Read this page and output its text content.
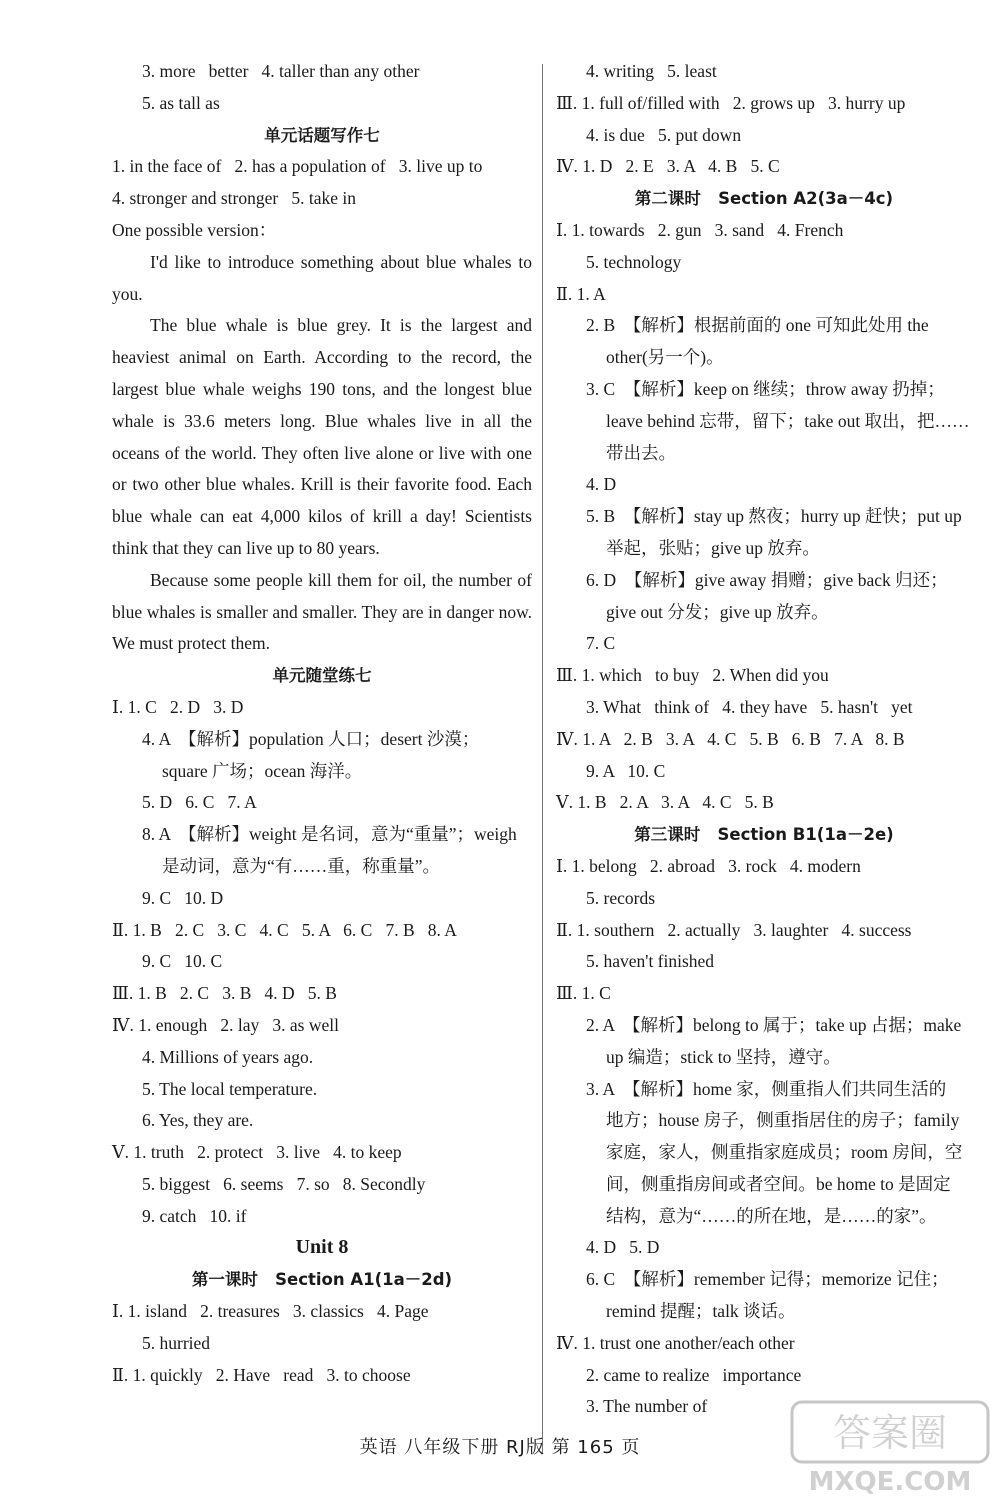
3. more   better   4. taller than any other
5. as tall as
单元话题写作七
1. in the face of   2. has a population of   3. live up to
4. stronger and stronger   5. take in
One possible version：
I'd like to introduce something about blue whales to you.
The blue whale is blue grey. It is the largest and heaviest animal on Earth. According to the record, the largest blue whale weighs 190 tons, and the longest blue whale is 33.6 meters long. Blue whales live in all the oceans of the world. They often live alone or live with one or two other blue whales. Krill is their favorite food. Each blue whale can eat 4,000 kilos of krill a day! Scientists think that they can live up to 80 years.
Because some people kill them for oil, the number of blue whales is smaller and smaller. They are in danger now. We must protect them.
单元随堂练七
Ⅰ. 1. C   2. D   3. D
4. A  【解析】population 人口；desert 沙漠；
square 广场；ocean 海洋。
5. D   6. C   7. A
8. A  【解析】weight 是名词，意为“重量”；weigh
是动词，意为“有……重，称重量”。
9. C   10. D
Ⅱ. 1. B   2. C   3. C   4. C   5. A   6. C   7. B   8. A
9. C   10. C
Ⅲ. 1. B   2. C   3. B   4. D   5. B
Ⅳ. 1. enough   2. lay   3. as well
4. Millions of years ago.
5. The local temperature.
6. Yes, they are.
Ⅴ. 1. truth   2. protect   3. live   4. to keep
5. biggest   6. seems   7. so   8. Secondly
9. catch   10. if
Unit 8
第一课时   Section A1(1a－2d)
Ⅰ. 1. island   2. treasures   3. classics   4. Page
5. hurried
Ⅱ. 1. quickly   2. Have   read   3. to choose
4. writing   5. least
Ⅲ. 1. full of/filled with   2. grows up   3. hurry up
4. is due   5. put down
Ⅳ. 1. D   2. E   3. A   4. B   5. C
第二课时   Section A2(3a－4c)
Ⅰ. 1. towards   2. gun   3. sand   4. French
5. technology
Ⅱ. 1. A
2. B  【解析】根据前面的 one 可知此处用 the
other(另一个)。
3. C  【解析】keep on 继续；throw away 扔掉；
leave behind 忘带，留下；take out 取出，把……
带出去。
4. D
5. B  【解析】stay up 熬夜；hurry up 赶快；put up
举起，张贴；give up 放弃。
6. D  【解析】give away 捐赠；give back 归还；
give out 分发；give up 放弃。
7. C
Ⅲ. 1. which   to buy   2. When did you
3. What   think of   4. they have   5. hasn't   yet
Ⅳ. 1. A   2. B   3. A   4. C   5. B   6. B   7. A   8. B
9. A   10. C
Ⅴ. 1. B   2. A   3. A   4. C   5. B
第三课时   Section B1(1a－2e)
Ⅰ. 1. belong   2. abroad   3. rock   4. modern
5. records
Ⅱ. 1. southern   2. actually   3. laughter   4. success
5. haven't finished
Ⅲ. 1. C
2. A  【解析】belong to 属于；take up 占据；make
up 编造；stick to 坚持，遵守。
3. A  【解析】home 家，侧重指人们共同生活的
地方；house 房子，侧重指居住的房子；family
家庭，家人，侧重指家庭成员；room 房间，空
间，侧重指房间或者空间。be home to 是固定
结构，意为“……的所在地，是……的家”。
4. D   5. D
6. C  【解析】remember 记得；memorize 记住；
remind 提醒；talk 谈话。
Ⅳ. 1. trust one another/each other
2. came to realize   importance
3. The number of
英语 八年级下册 RJ版 第 165 页	答案圈
MXQE.COM
